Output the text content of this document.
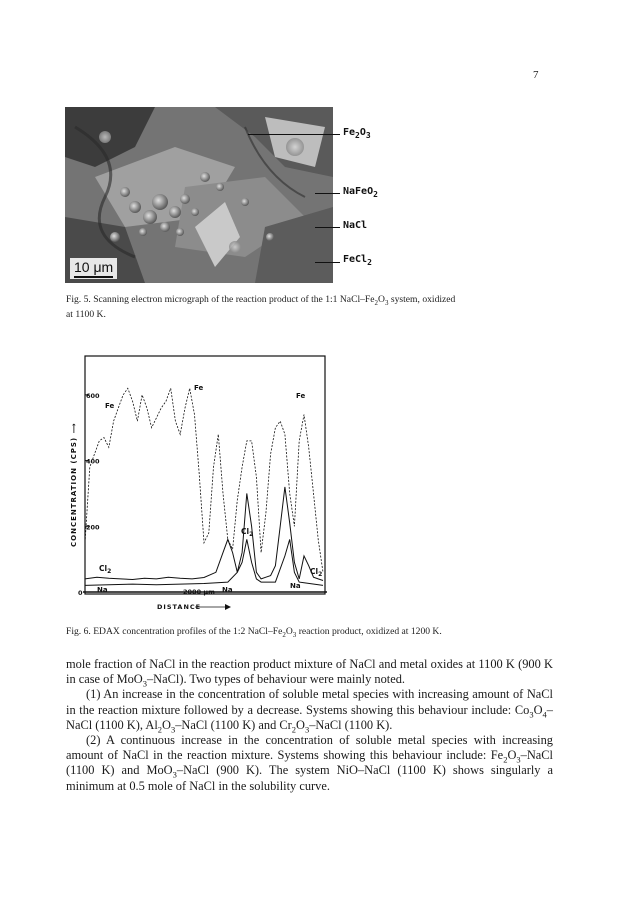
7
10 μm
$Fe_2O_3$
NaFeO$_2$
NaCl
FeCl$_2$
Fig. 5. Scanning electron micrograph of the reaction product of the 1:1 NaCl–$Fe_2O_3$ system, oxidized
at 1100 K.
600
400
200
0
CONCENTRATION (CPS) ⟶
Fe
Fe
Fe
$Cl_2$
$Cl_2$
$Cl_2$
Na	Na	Na
2000 μm
DISTANCE
Fig. 6. EDAX concentration profiles of the 1:2 NaCl–$Fe_2O_3$ reaction product, oxidized at 1200 K.

mole fraction of NaCl in the reaction product mixture of NaCl and metal oxides at 1100 K (900 K in case of MoO$_3$–NaCl). Two types of behaviour were mainly noted.

(1) An increase in the concentration of soluble metal species with increasing amount of NaCl in the reaction mixture followed by a decrease. Systems showing this behaviour include: $Co_3O_4$–NaCl (1100 K), $Al_2O_3$–NaCl (1100 K) and $Cr_2O_3$–NaCl (1100 K).

(2) A continuous increase in the concentration of soluble metal species with increasing amount of NaCl in the reaction mixture. Systems showing this behaviour include: $Fe_2O_3$–NaCl (1100 K) and MoO$_3$–NaCl (900 K). The system NiO–NaCl (1100 K) shows singularly a minimum at 0.5 mole of NaCl in the solubility curve.
